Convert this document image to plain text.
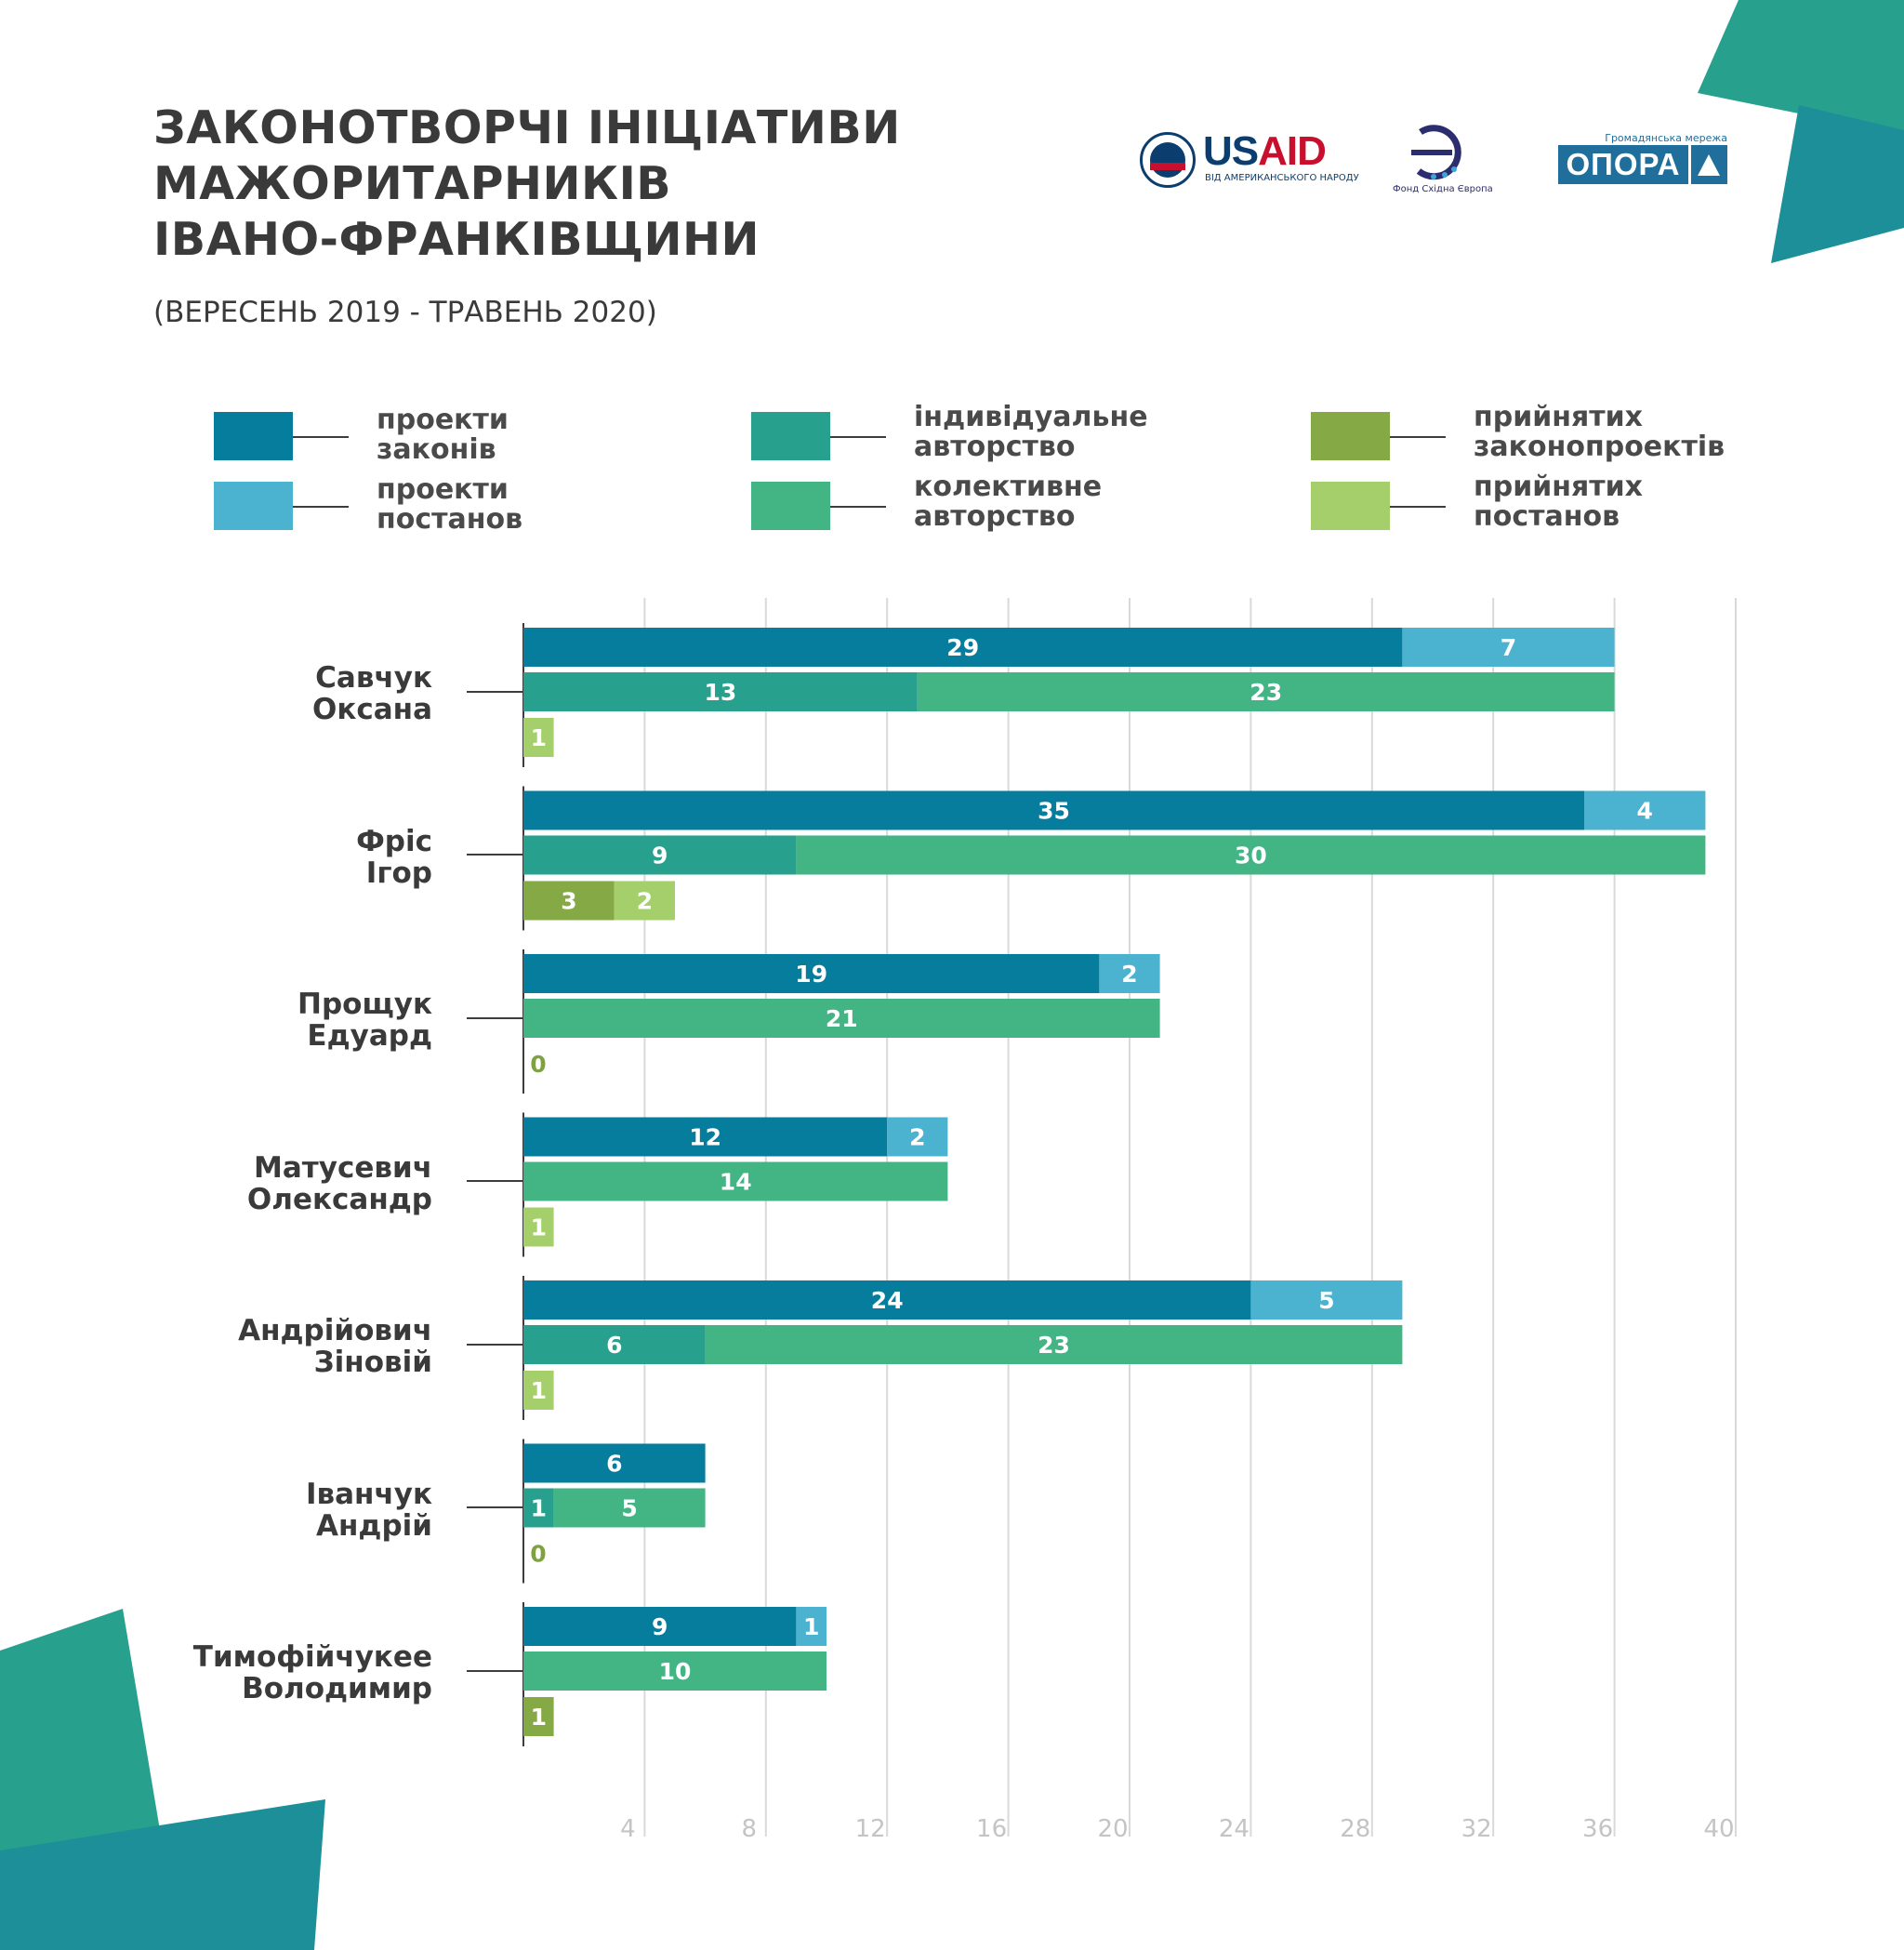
ЗАКОНОТВОРЧІ ІНІЦІАТИВИ
МАЖОРИТАРНИКІВ
ІВАНО-ФРАНКІВЩИНИ
(ВЕРЕСЕНЬ 2019 - ТРАВЕНЬ 2020)
USAID
ВІД АМЕРИКАНСЬКОГО НАРОДУ
Фонд Східна Європа
Громадянська мережа
ОПОРА
проекти
законів
проекти
постанов
індивідуальне
авторство
колективне
авторство
прийнятих
законопроектів
прийнятих
постанов
Савчук
Оксана
Фріс
Ігор
Прощук
Едуард
Матусевич
Олександр
Андрійович
Зіновій
Іванчук
Андрій
Тимофійчукее
Володимир
4	8	12	16	20	24	28	32	36	40
29	7
13	23
1
35	4
9	30
3	2
19	2
21
0
12	2
14
1
24	5
6	23
1
6
1	5
0
9	1
10
1
